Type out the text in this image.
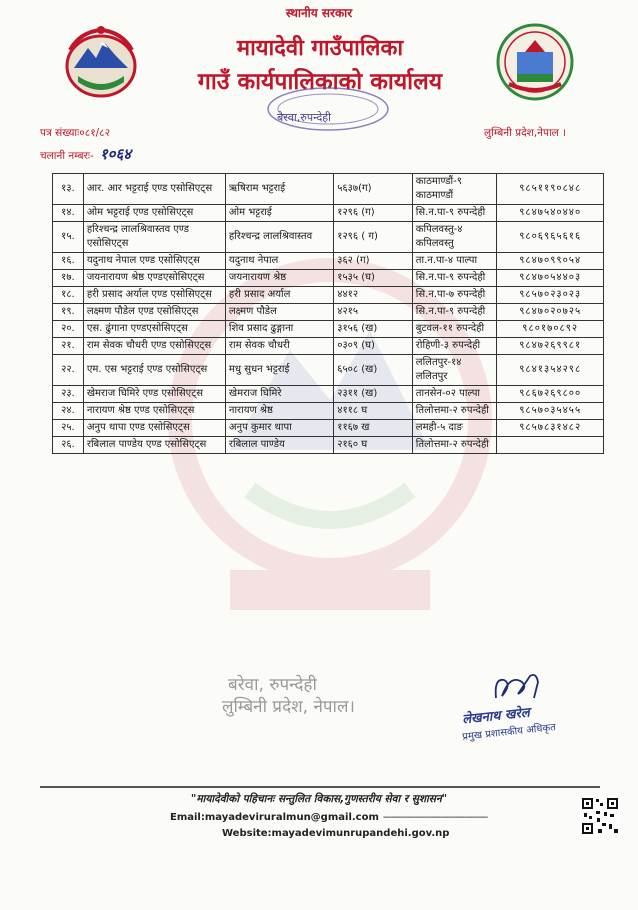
स्थानीय सरकार
मायादेवी गाउँपालिका
गाउँ कार्यपालिकाको कार्यालय
बेरवा,रुपन्देही
पत्र संख्याः०८१/८२
चलानी नम्बरः- १०६४
लुम्बिनी प्रदेश,नेपाल ।
१३.	आर. आर भट्टराई एण्ड एसोसिएट्स	ऋषिराम भट्टराई	५६३७(ग)	काठमाण्डौं-९ काठमाण्डौं	९८५११९०८४८
१४.	ओम भट्टराई एण्ड एसोसिएट्स	ओम भट्टराई	१२९६ (ग)	सि.न.पा-९ रुपन्देही	९८४७५४०४४०
१५.	हरिश्चन्द्र लालश्रिवास्तव एण्ड एसोसिएट्स	हरिश्चन्द्र लालश्रिवास्तव	१२९६ ( ग)	कपिलवस्तु-४ कपिलवस्तु	९८०६९६५६१६
१६.	यदुनाथ नेपाल एण्ड एसोसिएट्स	यदुनाथ नेपाल	३६२ (ग)	ता.न.पा-४ पाल्पा	९८४७०९९०५४
१७.	जयनारायण श्रेष्ठ एण्डएसोसिएट्स	जयनारायण श्रेष्ठ	१५३५ (घ)	सि.न.पा-९ रुपन्देही	९८४७०५४४०३
१८.	हरी प्रसाद अर्याल एण्ड एसोसिएट्स	हरी प्रसाद अर्याल	४४१२	सि.न.पा-७ रुपन्देही	९८५७०२३०२३
१९.	लक्ष्मण पौडेल एण्ड एसोसिएट्स	लक्ष्मण पौडेल	४२१५	सि.न.पा-९ रुपन्देही	९८४७०२०७२५
२०.	एस. ढुंगाना एण्डएसोसिएट्स	शिव प्रसाद ढुङ्गाना	३१५६ (ख)	बुटवल-११ रुपन्देही	९८०१७०८९२
२१.	राम सेवक चौधरी एण्ड एसोसिएट्स	राम सेवक चौधरी	०३०९ (घ)	रोहिणी-३ रुपन्देही	९८४७२६९९८१
२२.	एम. एस भट्टराई एण्ड एसोसिएट्स	मधु सुधन भट्टराई	६५०८ (ख)	ललितपुर-१४ ललितपुर	९८४१३५४२९८
२३.	खेमराज घिमिरे एण्ड एसोसिएट्स	खेमराज घिमिरे	२३११ (ख)	तानसेन-०२ पाल्पा	९८६७२६९८००
२४.	नारायण श्रेष्ठ एण्ड एसोसिएट्स	नारायण श्रेष्ठ	४११८ घ	तिलोत्तमा-२ रुपन्देही	९८५७०३५४५५
२५.	अनुप थापा एण्ड एसोसिएट्स	अनुप कुमार थापा	११६७ ख	लमही-५ दाङ	९८५७८३१४८२
२६.	रबिलाल पाण्डेय एण्ड एसोसिएट्स	रबिलाल पाण्डेय	२१६० घ	तिलोत्तमा-२ रुपन्देही	
बरेवा, रुपन्देही
लुम्बिनी प्रदेश, नेपाल।	लेखनाथ खरेल
प्रमुख प्रशासकीय अधिकृत
"मायादेवीको पहिचानः सन्तुलित विकास,गुणस्तरीय सेवा र सुशासन"
Email:mayadeviruralmun@gmail.com ----------------------------------------
Website:mayadevimunrupandehi.gov.np
